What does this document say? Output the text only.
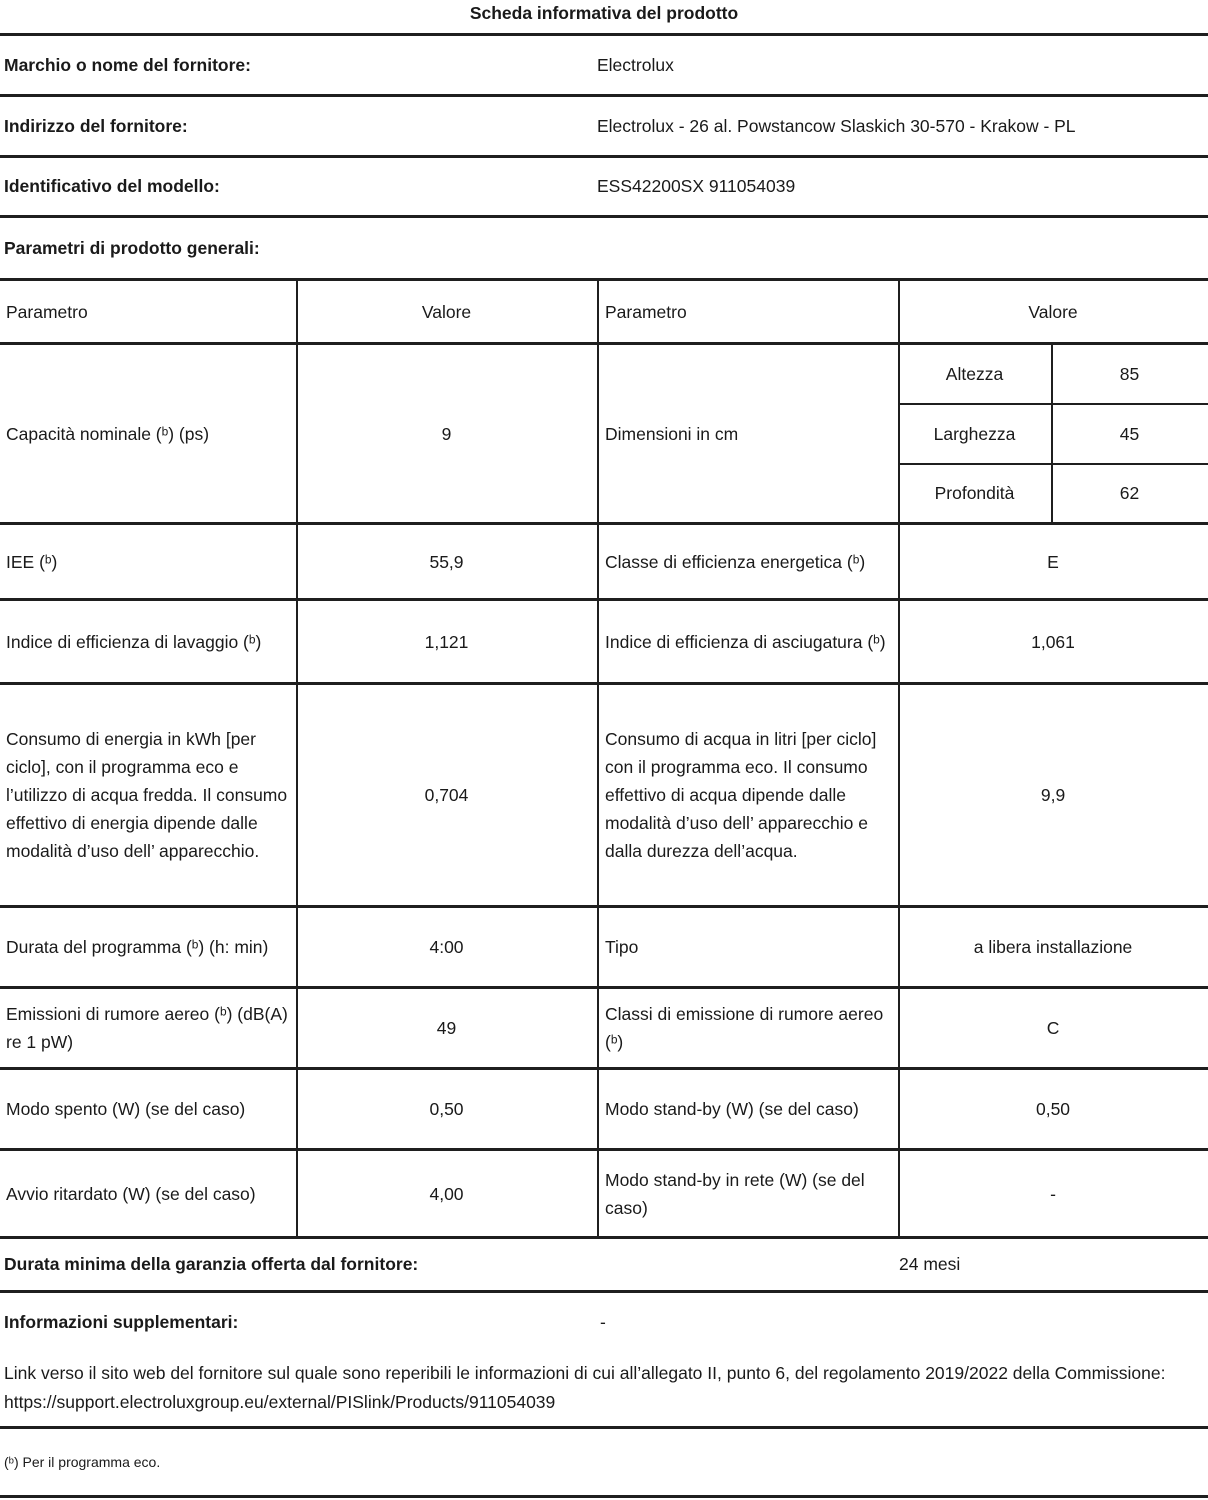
Scheda informativa del prodotto
Marchio o nome del fornitore:	Electrolux
Indirizzo del fornitore:	Electrolux - 26 al. Powstancow Slaskich 30-570 - Krakow - PL
Identificativo del modello:	ESS42200SX 911054039
Parametri di prodotto generali:
Parametro	Valore	Parametro	Valore	
Capacità nominale (ᵇ) (ps)	9	Dimensioni in cm	Altezza	85
			Larghezza	45
			Profondità	62
IEE (ᵇ)	55,9	Classe di efficienza energetica (ᵇ)	E	
Indice di efficienza di lavaggio (ᵇ)	1,121	Indice di efficienza di asciugatura (ᵇ)	1,061	
Consumo di energia in kWh [per ciclo], con il programma eco e l’utilizzo di acqua fredda. Il consumo effettivo di energia dipende dalle modalità d’uso dell’ apparecchio.	0,704	Consumo di acqua in litri [per ciclo] con il programma eco. Il consumo effettivo di acqua dipende dalle modalità d’uso dell’ apparecchio e dalla durezza dell’acqua.	9,9	
Durata del programma (ᵇ) (h: min)	4:00	Tipo	a libera installazione	
Emissioni di rumore aereo (ᵇ) (dB(A) re 1 pW)	49	Classi di emissione di rumore aereo (ᵇ)	C	
Modo spento (W) (se del caso)	0,50	Modo stand-by (W) (se del caso)	0,50	
Avvio ritardato (W) (se del caso)	4,00	Modo stand-by in rete (W) (se del caso)	-	
Durata minima della garanzia offerta dal fornitore:	24 mesi
Informazioni supplementari:	-
Link verso il sito web del fornitore sul quale sono reperibili le informazioni di cui all’allegato II, punto 6, del regolamento 2019/2022 della Commissione: https://support.electroluxgroup.eu/external/PISlink/Products/911054039
(ᵇ) Per il programma eco.
